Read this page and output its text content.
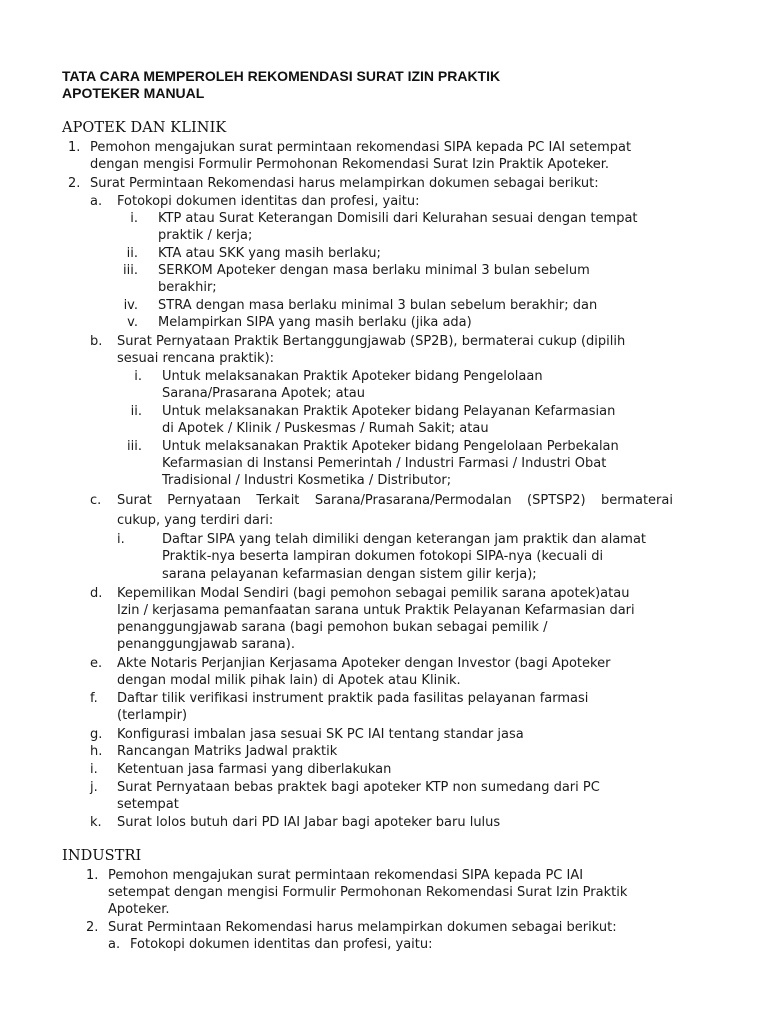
TATA CARA MEMPEROLEH REKOMENDASI SURAT IZIN PRAKTIK
APOTEKER MANUAL
APOTEK DAN KLINIK
1. Pemohon mengajukan surat permintaan rekomendasi SIPA kepada PC IAI setempat
dengan mengisi Formulir Permohonan Rekomendasi Surat Izin Praktik Apoteker.
2. Surat Permintaan Rekomendasi harus melampirkan dokumen sebagai berikut:
a. Fotokopi dokumen identitas dan profesi, yaitu:
i. KTP atau Surat Keterangan Domisili dari Kelurahan sesuai dengan tempat
praktik / kerja;
ii. KTA atau SKK yang masih berlaku;
iii. SERKOM Apoteker dengan masa berlaku minimal 3 bulan sebelum
berakhir;
iv. STRA dengan masa berlaku minimal 3 bulan sebelum berakhir; dan
v. Melampirkan SIPA yang masih berlaku (jika ada)
b. Surat Pernyataan Praktik Bertanggungjawab (SP2B), bermaterai cukup (dipilih
sesuai rencana praktik):
i. Untuk melaksanakan Praktik Apoteker bidang Pengelolaan
Sarana/Prasarana Apotek; atau
ii. Untuk melaksanakan Praktik Apoteker bidang Pelayanan Kefarmasian
di Apotek / Klinik / Puskesmas / Rumah Sakit; atau
iii. Untuk melaksanakan Praktik Apoteker bidang Pengelolaan Perbekalan
Kefarmasian di Instansi Pemerintah / Industri Farmasi / Industri Obat
Tradisional / Industri Kosmetika / Distributor;
c. Surat Pernyataan Terkait Sarana/Prasarana/Permodalan (SPTSP2) bermaterai
cukup, yang terdiri dari:
i.	Daftar SIPA yang telah dimiliki dengan keterangan jam praktik dan alamat
Praktik-nya beserta lampiran dokumen fotokopi SIPA-nya (kecuali di
sarana pelayanan kefarmasian dengan sistem gilir kerja);
d. Kepemilikan Modal Sendiri (bagi pemohon sebagai pemilik sarana apotek)atau
Izin / kerjasama pemanfaatan sarana untuk Praktik Pelayanan Kefarmasian dari
penanggungjawab sarana (bagi pemohon bukan sebagai pemilik /
penanggungjawab sarana).
e. Akte Notaris Perjanjian Kerjasama Apoteker dengan Investor (bagi Apoteker
dengan modal milik pihak lain) di Apotek atau Klinik.
f. Daftar tilik verifikasi instrument praktik pada fasilitas pelayanan farmasi
(terlampir)
g. Konfigurasi imbalan jasa sesuai SK PC IAI tentang standar jasa
h. Rancangan Matriks Jadwal praktik
i. Ketentuan jasa farmasi yang diberlakukan
j. Surat Pernyataan bebas praktek bagi apoteker KTP non sumedang dari PC
setempat
k. Surat lolos butuh dari PD IAI Jabar bagi apoteker baru lulus
INDUSTRI
1. Pemohon mengajukan surat permintaan rekomendasi SIPA kepada PC IAI
setempat dengan mengisi Formulir Permohonan Rekomendasi Surat Izin Praktik
Apoteker.
2. Surat Permintaan Rekomendasi harus melampirkan dokumen sebagai berikut:
a. Fotokopi dokumen identitas dan profesi, yaitu:
